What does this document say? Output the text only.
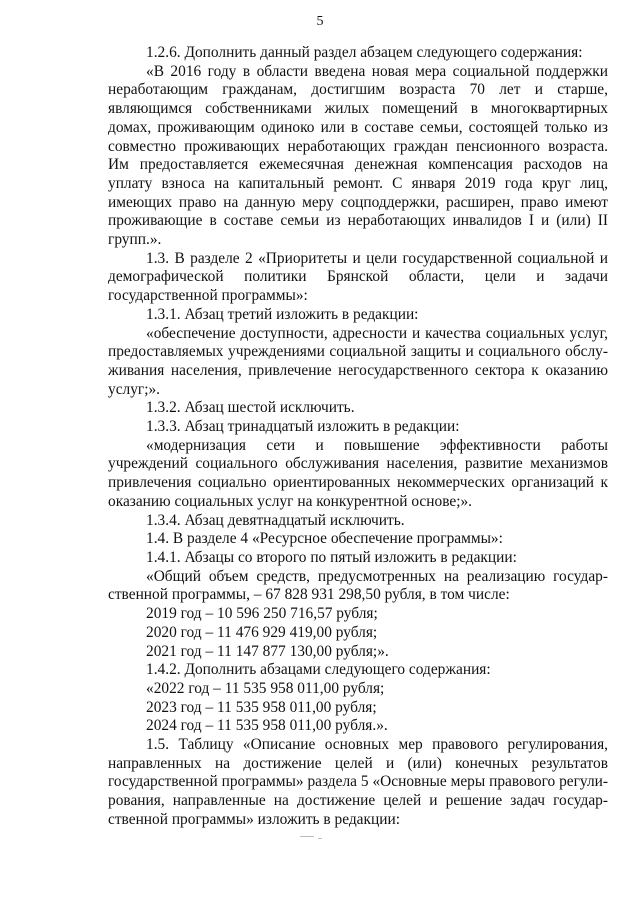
5

1.2.6. Дополнить данный раздел абзацем следующего содержания:

«В 2016 году в области введена новая мера социальной поддержки неработающим гражданам, достигшим возраста 70 лет и старше, являющимся собственниками жилых помещений в многоквартирных домах, проживающим одиноко или в составе семьи, состоящей только из совместно проживающих неработающих граждан пенсионного возраста. Им предоставляется ежемесячная денежная компенсация расходов на уплату взноса на капитальный ремонт. С января 2019 года круг лиц, имеющих право на данную меру соцподдержки, расширен, право имеют проживающие в составе семьи из неработающих инвалидов I и (или) II групп.».

1.3. В разделе 2 «Приоритеты и цели государственной социальной и демографической политики Брянской области, цели и задачи государственной программы»:

1.3.1. Абзац третий изложить в редакции:

«обеспечение доступности, адресности и качества социальных услуг, предоставляемых учреждениями социальной защиты и социального обслуживания населения, привлечение негосударственного сектора к оказанию услуг;».

1.3.2. Абзац шестой исключить.

1.3.3. Абзац тринадцатый изложить в редакции:

«модернизация сети и повышение эффективности работы учреждений социального обслуживания населения, развитие механизмов привлечения социально ориентированных некоммерческих организаций к оказанию социальных услуг на конкурентной основе;».

1.3.4. Абзац девятнадцатый исключить.

1.4. В разделе 4 «Ресурсное обеспечение программы»:

1.4.1. Абзацы со второго по пятый изложить в редакции:

«Общий объем средств, предусмотренных на реализацию государственной программы, – 67 828 931 298,50 рубля, в том числе:

2019 год – 10 596 250 716,57 рубля;

2020 год – 11 476 929 419,00 рубля;

2021 год – 11 147 877 130,00 рубля;».

1.4.2. Дополнить абзацами следующего содержания:

«2022 год – 11 535 958 011,00 рубля;

2023 год – 11 535 958 011,00 рубля;

2024 год – 11 535 958 011,00 рубля.».

1.5. Таблицу «Описание основных мер правового регулирования, направленных на достижение целей и (или) конечных результатов государственной программы» раздела 5 «Основные меры правового регулирования, направленные на достижение целей и решение задач государственной программы» изложить в редакции:
